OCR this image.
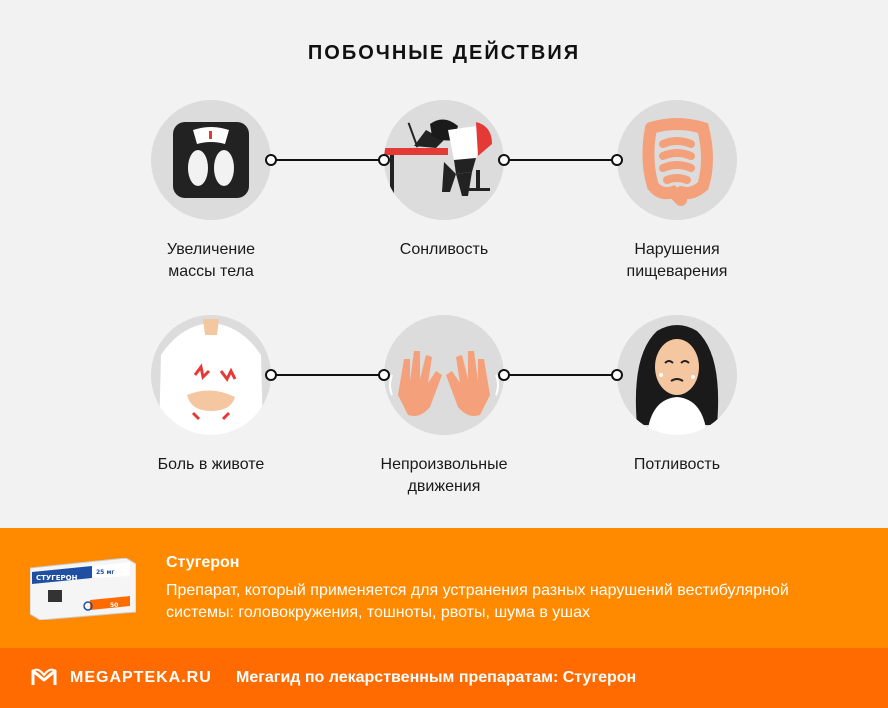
ПОБОЧНЫЕ ДЕЙСТВИЯ
Увеличение
массы тела
Сонливость	Нарушения
пищеварения
Боль в животе	Непроизвольные
движения
Потливость
СТУГЕРОН
25 мг
50
Стугерон
Препарат, который применяется для устранения разных нарушений вестибулярной системы: головокружения, тошноты, рвоты, шума в ушах
MEGAPTEKA.RU Мегагид по лекарственным препаратам: Стугерон
